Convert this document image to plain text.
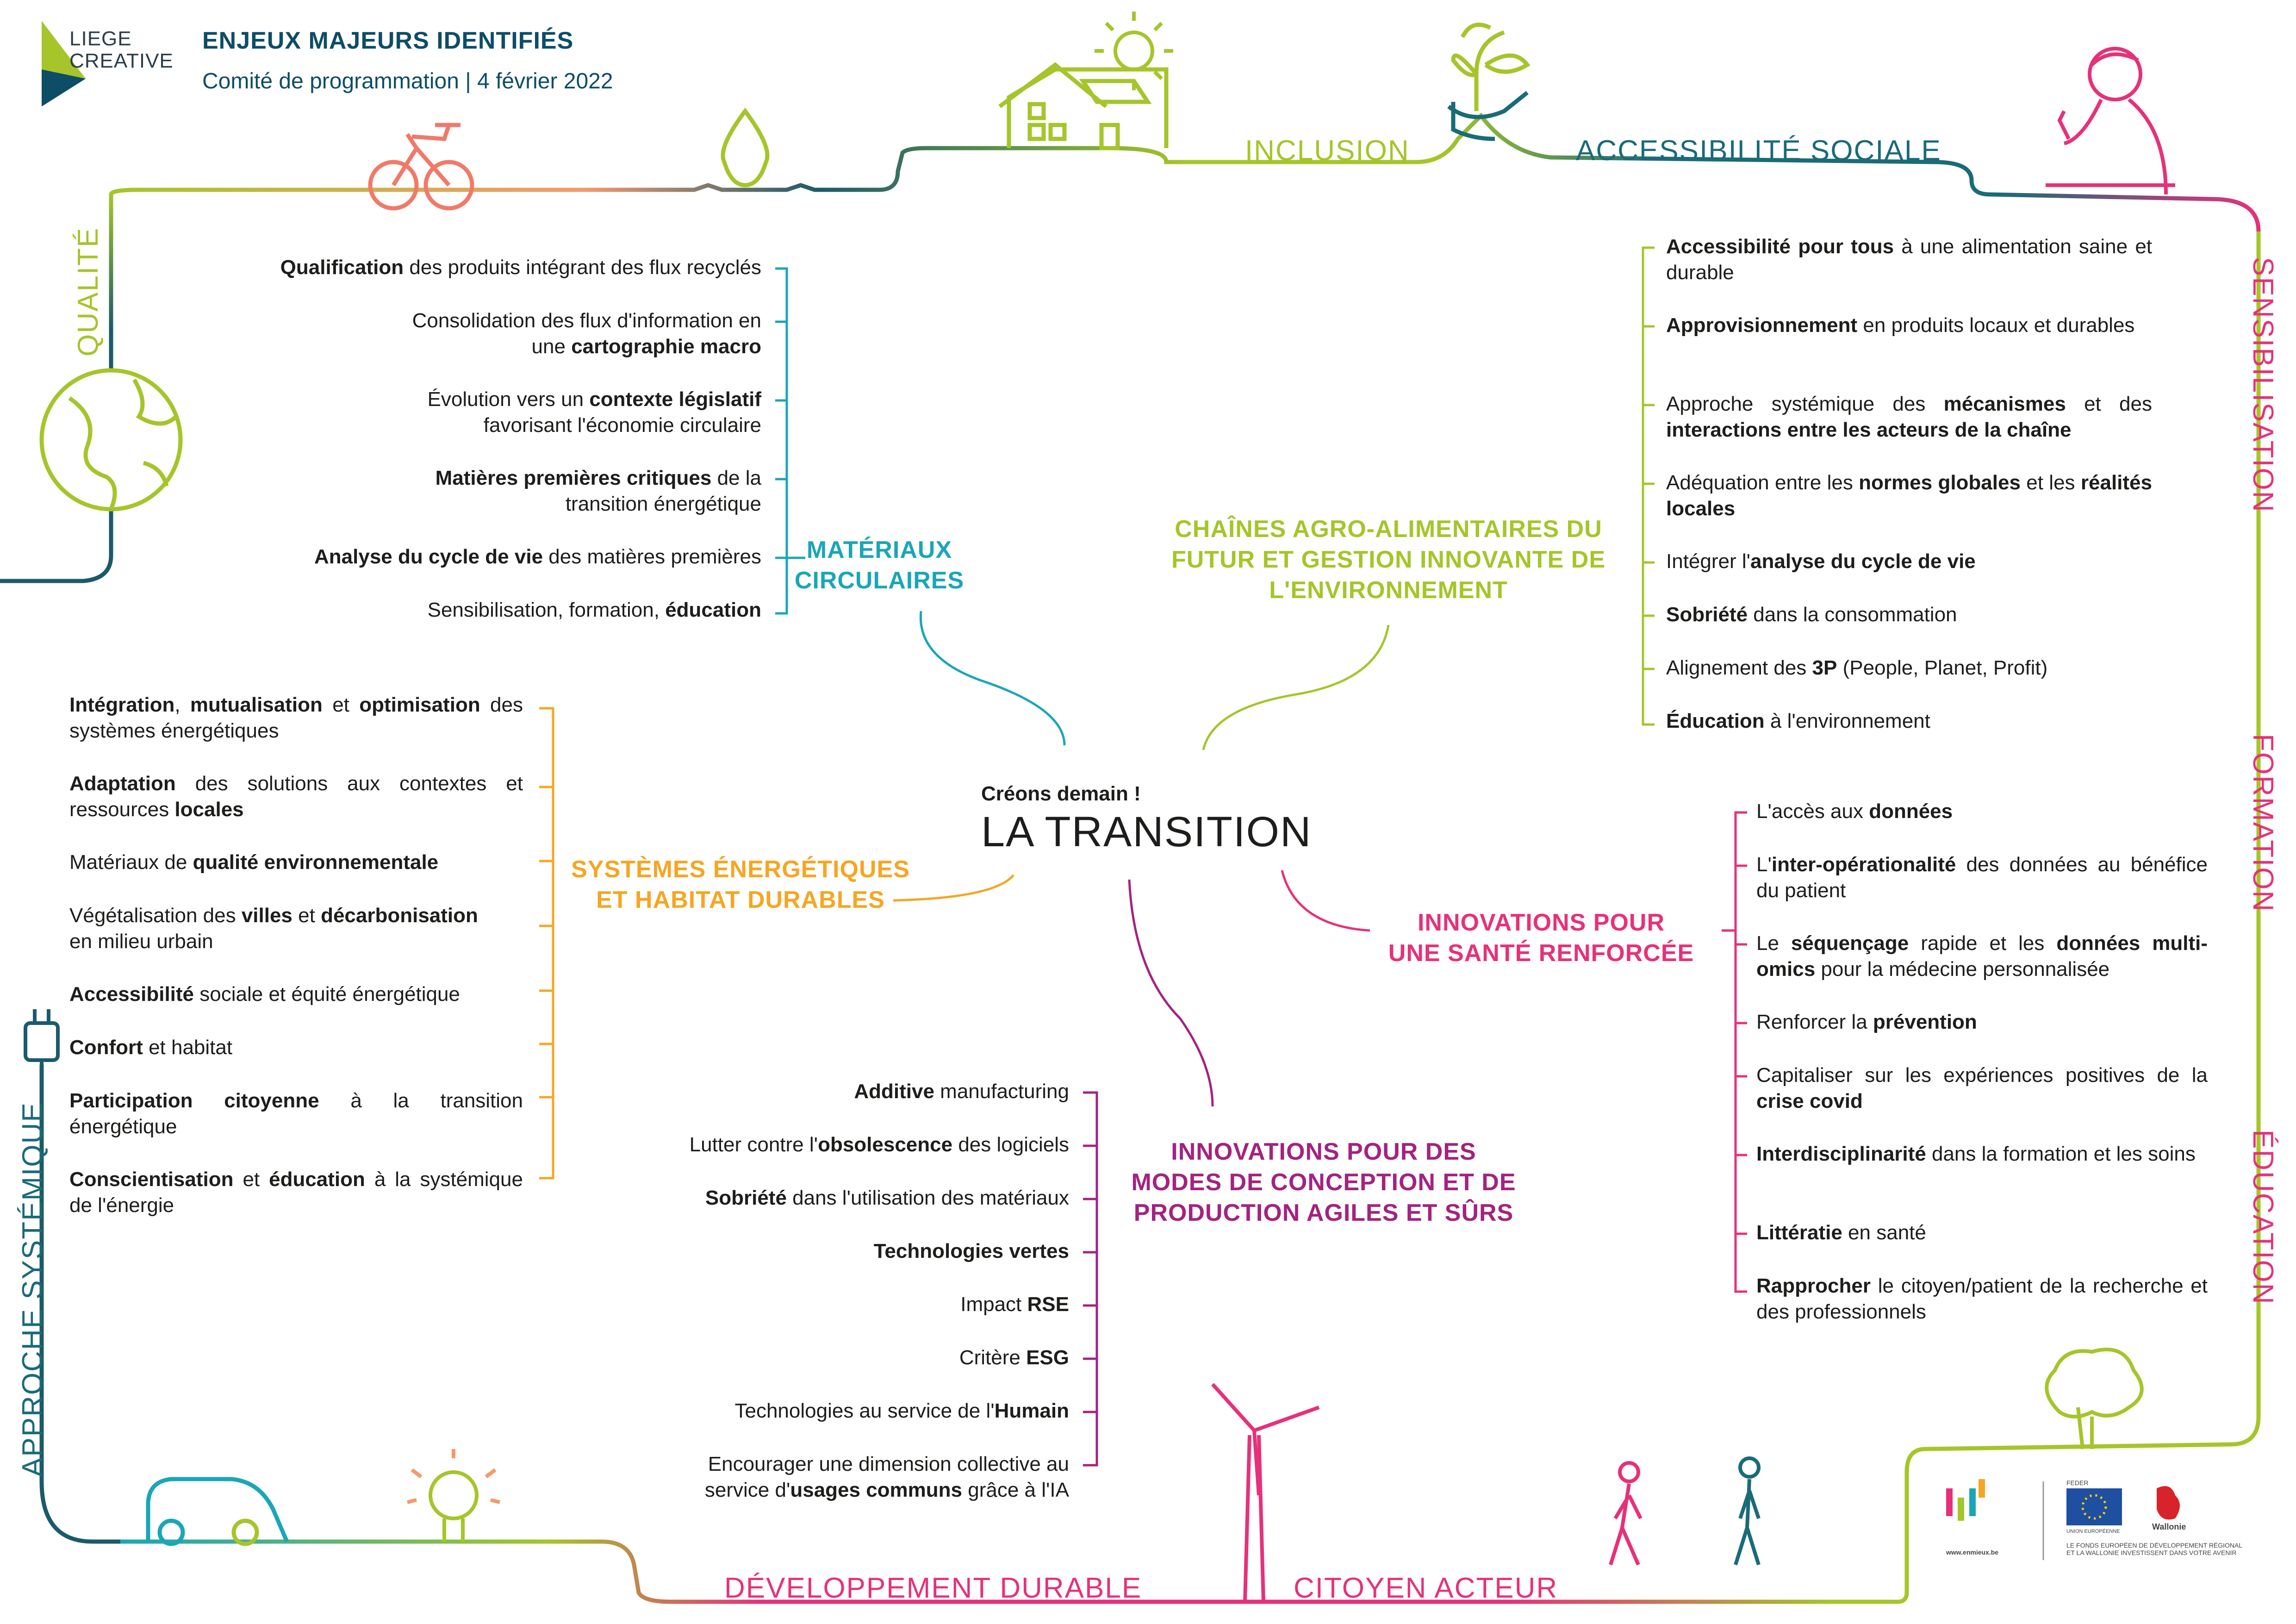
LIEGE
CREATIVE
ENJEUX MAJEURS IDENTIFIÉS
Comité de programmation | 4 février 2022
QUALITÉ
INCLUSION	ACCESSIBILITÉ SOCIALE
SENSIBILISATION
FORMATION
ÉDUCATION
CITOYEN ACTEUR
DÉVELOPPEMENT DURABLE
APPROCHE SYSTÉMIQUE
Créons demain !
LA TRANSITION
MATÉRIAUX
CIRCULAIRES
CHAÎNES AGRO-ALIMENTAIRES DU
FUTUR ET GESTION INNOVANTE DE
L'ENVIRONNEMENT
SYSTÈMES ÉNERGÉTIQUES
ET HABITAT DURABLES
INNOVATIONS POUR
UNE SANTÉ RENFORCÉE
INNOVATIONS POUR DES
MODES DE CONCEPTION ET DE
PRODUCTION AGILES ET SÛRS
Qualification des produits intégrant des flux recyclés
Consolidation des flux d'information en
une cartographie macro
Évolution vers un contexte législatif
favorisant l'économie circulaire
Matières premières critiques de la
transition énergétique
Analyse du cycle de vie des matières premières
Sensibilisation, formation, éducation
Accessibilité pour tous à une alimentation saine et durable
Approvisionnement en produits locaux et durables
Approche systémique des mécanismes et des interactions entre les acteurs de la chaîne
Adéquation entre les normes globales et les réalités locales
Intégrer l'analyse du cycle de vie
Sobriété dans la consommation
Alignement des 3P (People, Planet, Profit)
Éducation à l'environnement
Intégration, mutualisation et optimisation des systèmes énergétiques
Adaptation des solutions aux contextes et ressources locales
Matériaux de qualité environnementale
Végétalisation des villes et décarbonisation
en milieu urbain
Accessibilité sociale et équité énergétique
Confort et habitat
Participation citoyenne à la transition énergétique
Conscientisation et éducation à la systémique de l'énergie
L'accès aux données
L'inter-opérationalité des données au bénéfice du patient
Le séquençage rapide et les données multi-omics pour la médecine personnalisée
Renforcer la prévention
Capitaliser sur les expériences positives de la crise covid
Interdisciplinarité dans la formation et les soins
Littératie en santé
Rapprocher le citoyen/patient de la recherche et des professionnels
Additive manufacturing
Lutter contre l'obsolescence des logiciels
Sobriété dans l'utilisation des matériaux
Technologies vertes
Impact RSE
Critère ESG
Technologies au service de l'Humain
Encourager une dimension collective au
service d'usages communs grâce à l'IA
www.enmieux.be
FEDER
UNION EUROPÉENNE	Wallonie
LE FONDS EUROPÉEN DE DÉVELOPPEMENT RÉGIONAL
ET LA WALLONIE INVESTISSENT DANS VOTRE AVENIR
